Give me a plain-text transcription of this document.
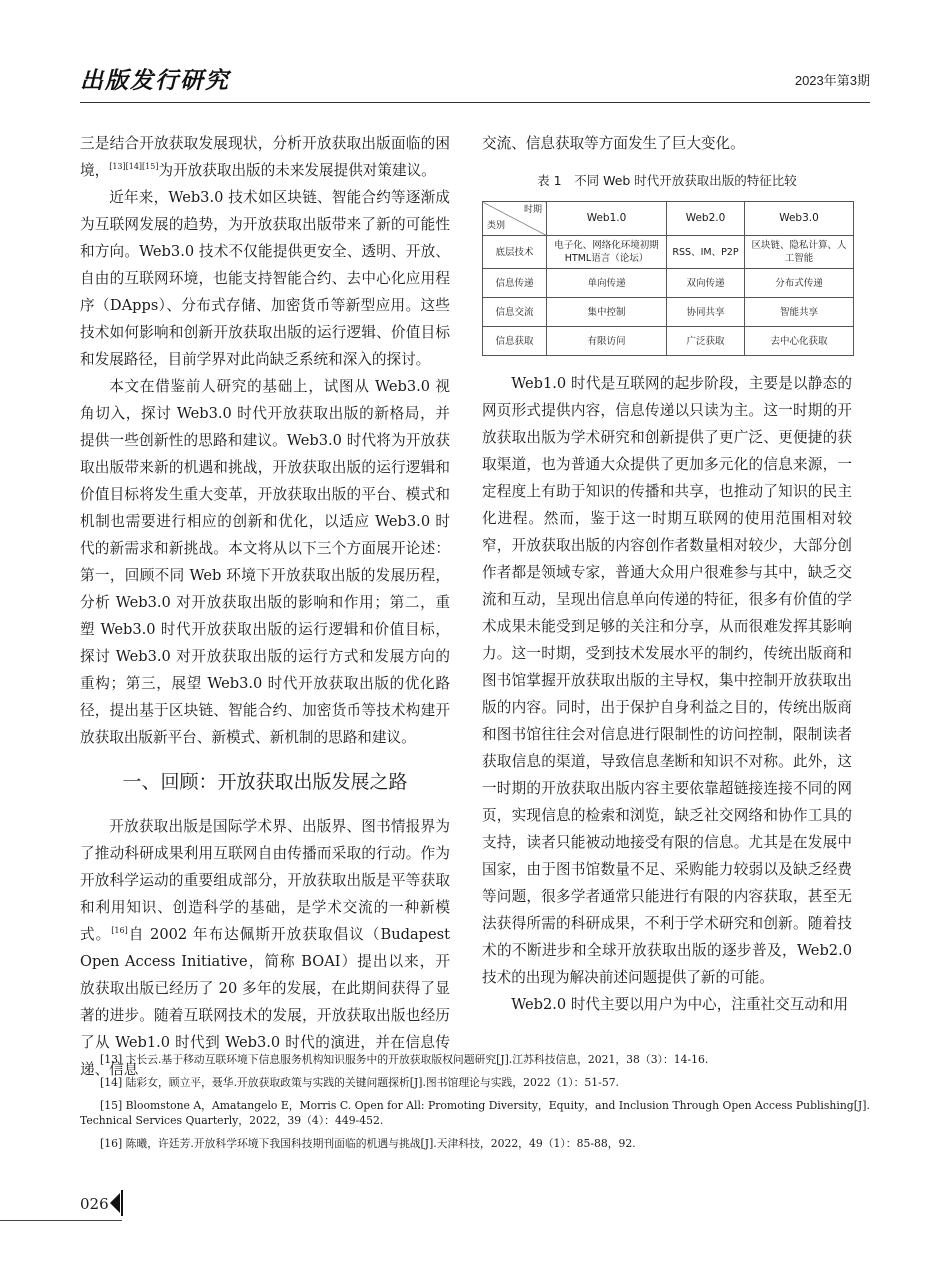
出版发行研究	2023年第3期

三是结合开放获取发展现状，分析开放获取出版面临的困境，[13][14][15]为开放获取出版的未来发展提供对策建议。

近年来，Web3.0 技术如区块链、智能合约等逐渐成为互联网发展的趋势，为开放获取出版带来了新的可能性和方向。Web3.0 技术不仅能提供更安全、透明、开放、自由的互联网环境，也能支持智能合约、去中心化应用程序（DApps）、分布式存储、加密货币等新型应用。这些技术如何影响和创新开放获取出版的运行逻辑、价值目标和发展路径，目前学界对此尚缺乏系统和深入的探讨。

本文在借鉴前人研究的基础上，试图从 Web3.0 视角切入，探讨 Web3.0 时代开放获取出版的新格局，并提供一些创新性的思路和建议。Web3.0 时代将为开放获取出版带来新的机遇和挑战，开放获取出版的运行逻辑和价值目标将发生重大变革，开放获取出版的平台、模式和机制也需要进行相应的创新和优化，以适应 Web3.0 时代的新需求和新挑战。本文将从以下三个方面展开论述：第一，回顾不同 Web 环境下开放获取出版的发展历程，分析 Web3.0 对开放获取出版的影响和作用；第二，重塑 Web3.0 时代开放获取出版的运行逻辑和价值目标，探讨 Web3.0 对开放获取出版的运行方式和发展方向的重构；第三，展望 Web3.0 时代开放获取出版的优化路径，提出基于区块链、智能合约、加密货币等技术构建开放获取出版新平台、新模式、新机制的思路和建议。

一、回顾：开放获取出版发展之路

开放获取出版是国际学术界、出版界、图书情报界为了推动科研成果利用互联网自由传播而采取的行动。作为开放科学运动的重要组成部分，开放获取出版是平等获取和利用知识、创造科学的基础，是学术交流的一种新模式。[16]自 2002 年布达佩斯开放获取倡议（Budapest Open Access Initiative，简称 BOAI）提出以来，开放获取出版已经历了 20 多年的发展，在此期间获得了显著的进步。随着互联网技术的发展，开放获取出版也经历了从 Web1.0 时代到 Web3.0 时代的演进，并在信息传递、信息

交流、信息获取等方面发生了巨大变化。

表 1　不同 Web 时代开放获取出版的特征比较
时期
类别	Web1.0	Web2.0	Web3.0
底层技术	电子化、网络化环境初期 HTML语言（论坛）	RSS、IM、P2P	区块链、隐私计算、人工智能
信息传递	单向传递	双向传递	分布式传递
信息交流	集中控制	协同共享	智能共享
信息获取	有限访问	广泛获取	去中心化获取

Web1.0 时代是互联网的起步阶段，主要是以静态的网页形式提供内容，信息传递以只读为主。这一时期的开放获取出版为学术研究和创新提供了更广泛、更便捷的获取渠道，也为普通大众提供了更加多元化的信息来源，一定程度上有助于知识的传播和共享，也推动了知识的民主化进程。然而，鉴于这一时期互联网的使用范围相对较窄，开放获取出版的内容创作者数量相对较少，大部分创作者都是领域专家，普通大众用户很难参与其中，缺乏交流和互动，呈现出信息单向传递的特征，很多有价值的学术成果未能受到足够的关注和分享，从而很难发挥其影响力。这一时期，受到技术发展水平的制约，传统出版商和图书馆掌握开放获取出版的主导权，集中控制开放获取出版的内容。同时，出于保护自身利益之目的，传统出版商和图书馆往往会对信息进行限制性的访问控制，限制读者获取信息的渠道，导致信息垄断和知识不对称。此外，这一时期的开放获取出版内容主要依靠超链接连接不同的网页，实现信息的检索和浏览，缺乏社交网络和协作工具的支持，读者只能被动地接受有限的信息。尤其是在发展中国家，由于图书馆数量不足、采购能力较弱以及缺乏经费等问题，很多学者通常只能进行有限的内容获取，甚至无法获得所需的科研成果，不利于学术研究和创新。随着技术的不断进步和全球开放获取出版的逐步普及，Web2.0 技术的出现为解决前述问题提供了新的可能。

Web2.0 时代主要以用户为中心，注重社交互动和用

[13] 卞长云.基于移动互联环境下信息服务机构知识服务中的开放获取版权问题研究[J].江苏科技信息，2021，38（3）：14-16.

[14] 陆彩女，顾立平，聂华.开放获取政策与实践的关键问题探析[J].图书馆理论与实践，2022（1）：51-57.

[15] Bloomstone A，Amatangelo E，Morris C. Open for All: Promoting Diversity，Equity，and Inclusion Through Open Access Publishing[J]. Technical Services Quarterly，2022，39（4）：449-452.

[16] 陈曦，许廷芳.开放科学环境下我国科技期刊面临的机遇与挑战[J].天津科技，2022，49（1）：85-88，92.

026
